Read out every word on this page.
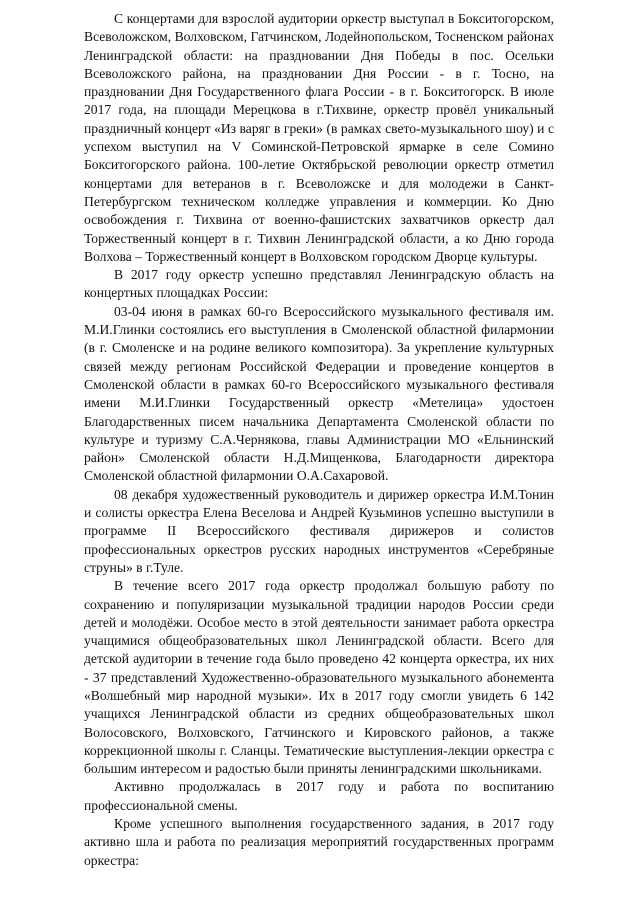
С концертами для взрослой аудитории оркестр выступал в Бокситогорском, Всеволожском, Волховском, Гатчинском, Лодейнопольском, Тосненском районах Ленинградской области: на праздновании Дня Победы в пос. Осельки Всеволожского района, на праздновании Дня России - в г. Тосно, на праздновании Дня Государственного флага России - в г. Бокситогорск. В июле 2017 года, на площади Мерецкова в г.Тихвине, оркестр провёл уникальный праздничный концерт «Из варяг в греки» (в рамках свето-музыкального шоу) и с успехом выступил на V Соминской-Петровской ярмарке в селе Сомино Бокситогорского района. 100-летие Октябрьской революции оркестр отметил концертами для ветеранов в г. Всеволожске и для молодежи в Санкт-Петербургском техническом колледже управления и коммерции. Ко Дню освобождения г. Тихвина от военно-фашистских захватчиков оркестр дал Торжественный концерт в г. Тихвин Ленинградской области, а ко Дню города Волхова – Торжественный концерт в Волховском городском Дворце культуры.

В 2017 году оркестр успешно представлял Ленинградскую область на концертных площадках России:

03-04 июня в рамках 60-го Всероссийского музыкального фестиваля им. М.И.Глинки состоялись его выступления в Смоленской областной филармонии (в г. Смоленске и на родине великого композитора). За укрепление культурных связей между регионам Российской Федерации и проведение концертов в Смоленской области в рамках 60-го Всероссийского музыкального фестиваля имени М.И.Глинки Государственный оркестр «Метелица» удостоен Благодарственных писем начальника Департамента Смоленской области по культуре и туризму С.А.Чернякова, главы Администрации МО «Ельнинский район» Смоленской области Н.Д.Мищенкова, Благодарности директора Смоленской областной филармонии О.А.Сахаровой.

08 декабря художественный руководитель и дирижер оркестра И.М.Тонин и солисты оркестра Елена Веселова и Андрей Кузьминов успешно выступили в программе II Всероссийского фестиваля дирижеров и солистов профессиональных оркестров русских народных инструментов «Серебряные струны» в г.Туле.

В течение всего 2017 года оркестр продолжал большую работу по сохранению и популяризации музыкальной традиции народов России среди детей и молодёжи. Особое место в этой деятельности занимает работа оркестра учащимися общеобразовательных школ Ленинградской области. Всего для детской аудитории в течение года было проведено 42 концерта оркестра, их них - 37 представлений Художественно-образовательного музыкального абонемента «Волшебный мир народной музыки». Их в 2017 году смогли увидеть 6 142 учащихся Ленинградской области из средних общеобразовательных школ Волосовского, Волховского, Гатчинского и Кировского районов, а также коррекционной школы г. Сланцы. Тематические выступления-лекции оркестра с большим интересом и радостью были приняты ленинградскими школьниками.

Активно продолжалась в 2017 году и работа по воспитанию профессиональной смены.

Кроме успешного выполнения государственного задания, в 2017 году активно шла и работа по реализация мероприятий государственных программ оркестра:
